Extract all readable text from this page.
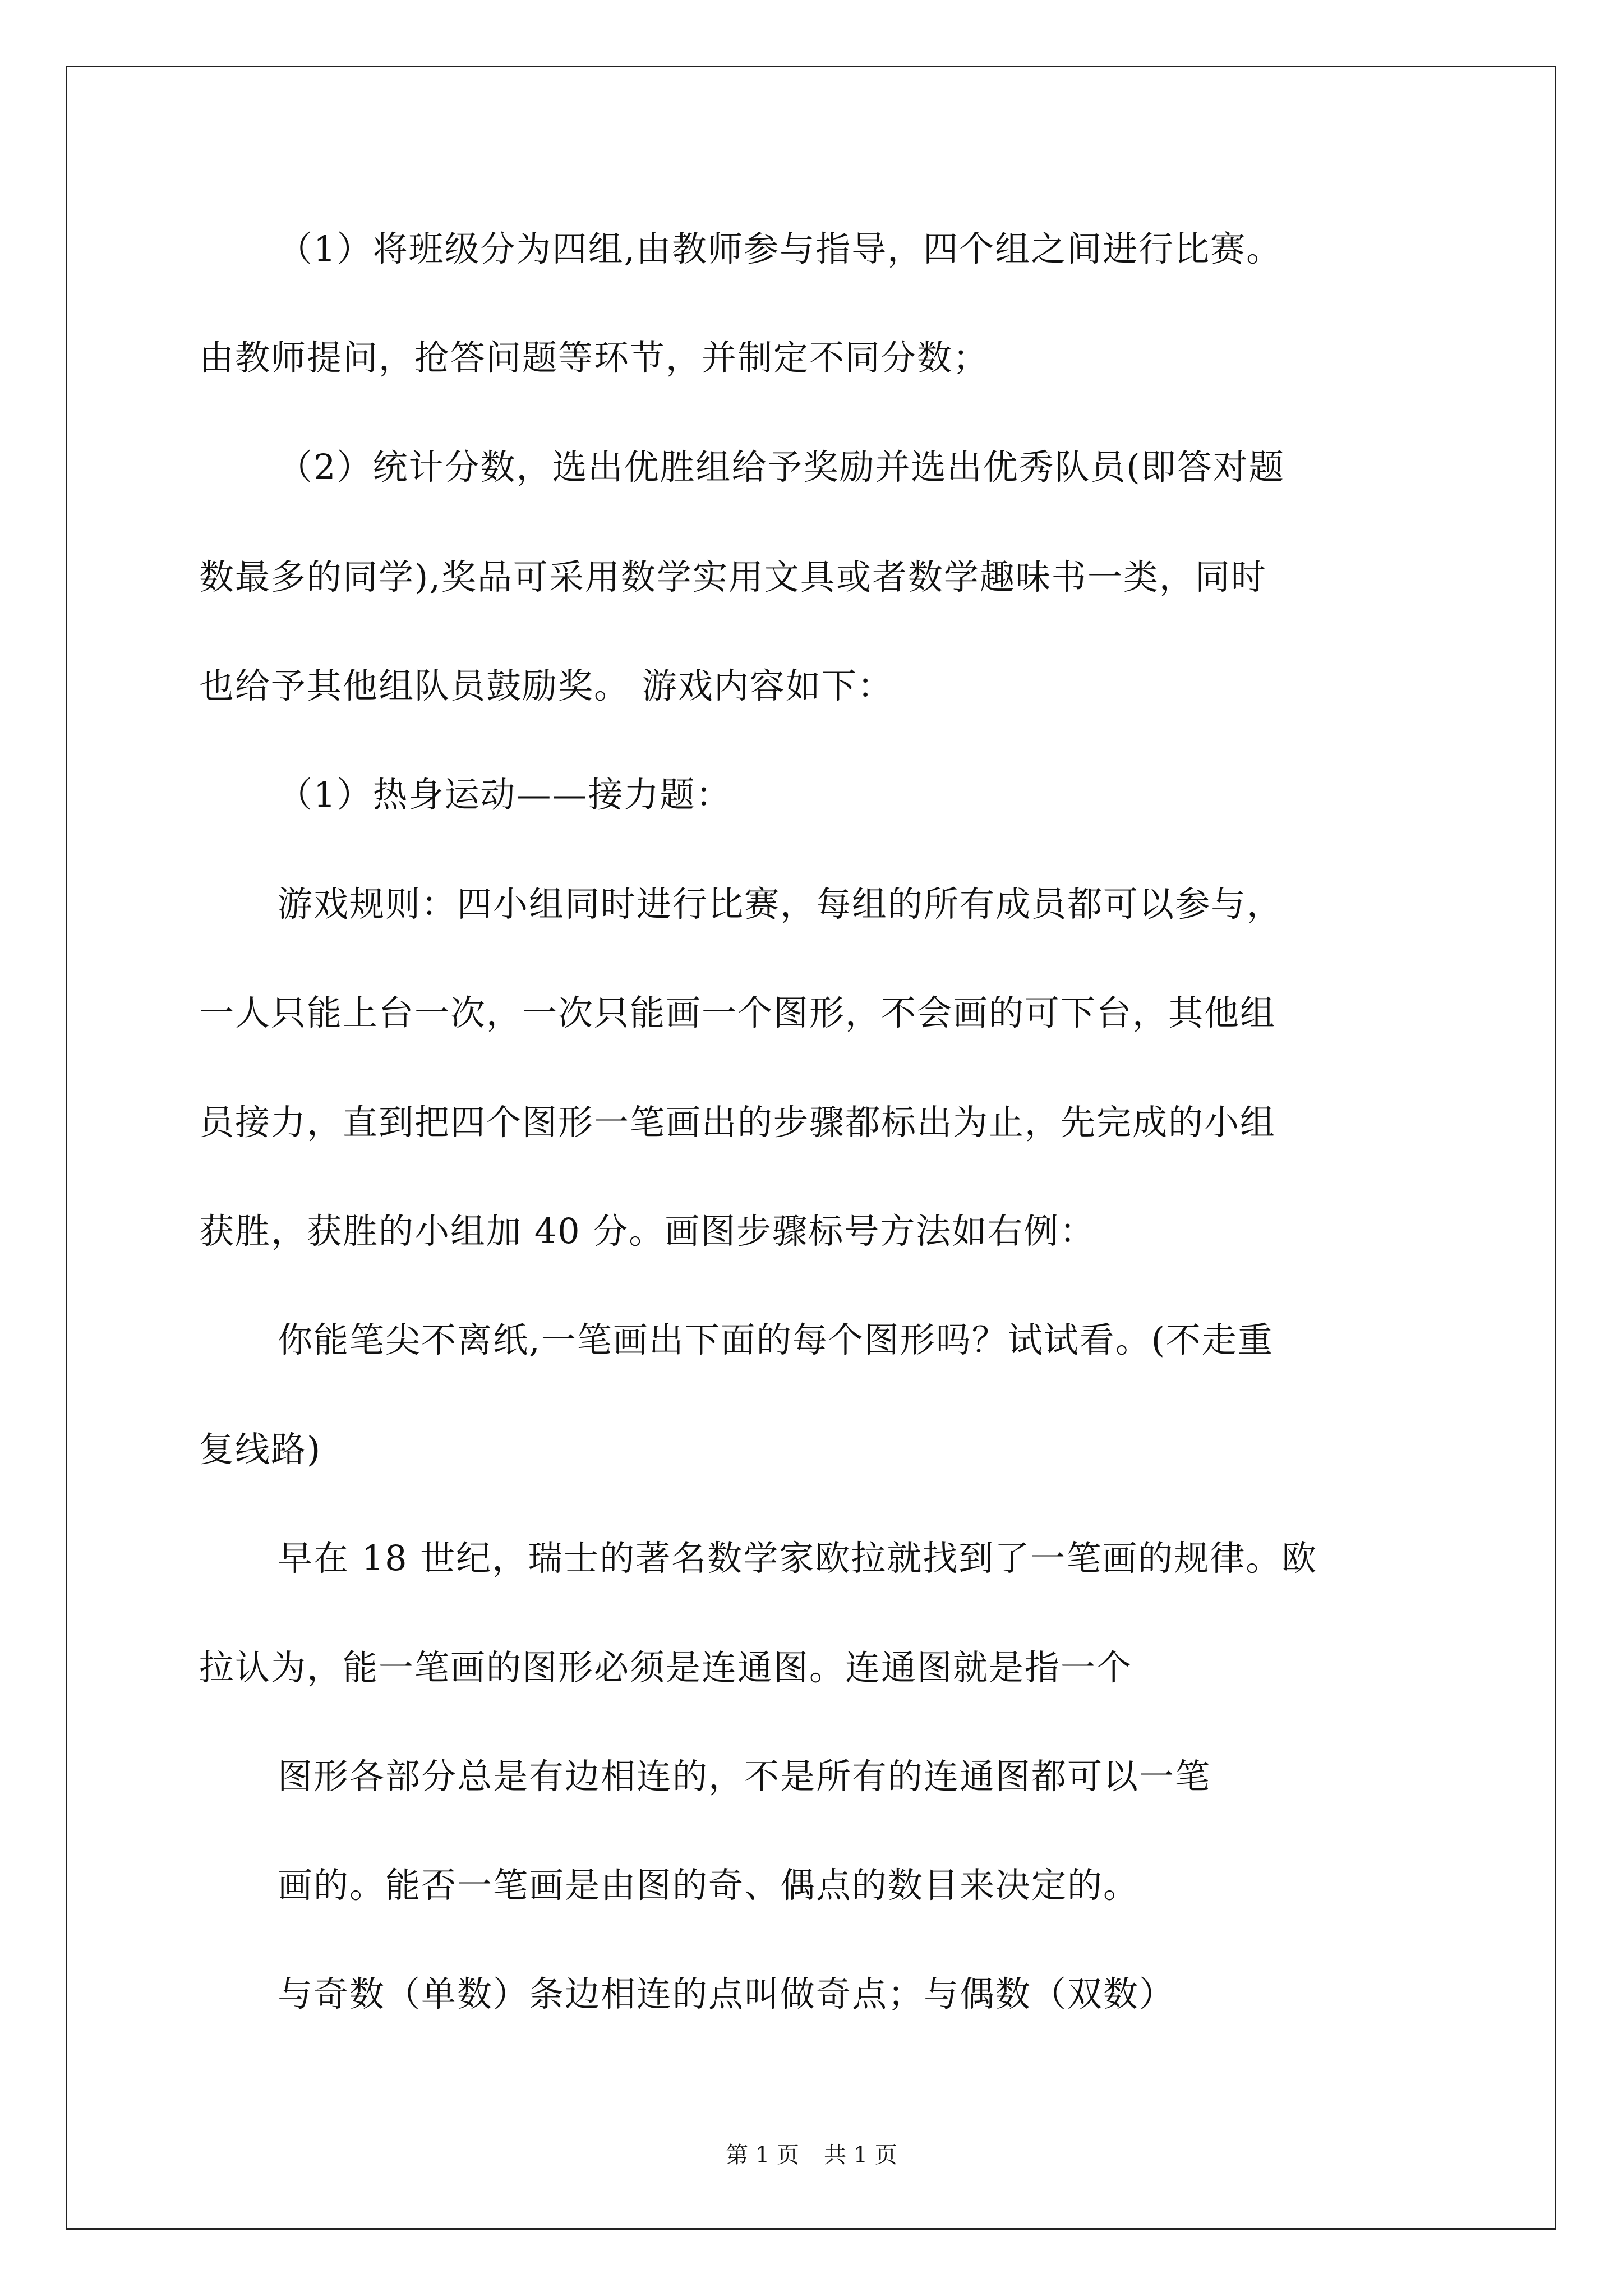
（1）将班级分为四组,由教师参与指导，四个组之间进行比赛。
由教师提问，抢答问题等环节，并制定不同分数；
（2）统计分数，选出优胜组给予奖励并选出优秀队员(即答对题
数最多的同学),奖品可采用数学实用文具或者数学趣味书一类，同时
也给予其他组队员鼓励奖。 游戏内容如下：
（1）热身运动——接力题：
游戏规则：四小组同时进行比赛，每组的所有成员都可以参与，
一人只能上台一次，一次只能画一个图形，不会画的可下台，其他组
员接力，直到把四个图形一笔画出的步骤都标出为止，先完成的小组
获胜，获胜的小组加 40 分。画图步骤标号方法如右例：
你能笔尖不离纸,一笔画出下面的每个图形吗？试试看。(不走重
复线路)
早在 18 世纪，瑞士的著名数学家欧拉就找到了一笔画的规律。欧
拉认为，能一笔画的图形必须是连通图。连通图就是指一个
图形各部分总是有边相连的，不是所有的连通图都可以一笔
画的。能否一笔画是由图的奇、偶点的数目来决定的。
与奇数（单数）条边相连的点叫做奇点；与偶数（双数）
第 1 页 共 1 页
